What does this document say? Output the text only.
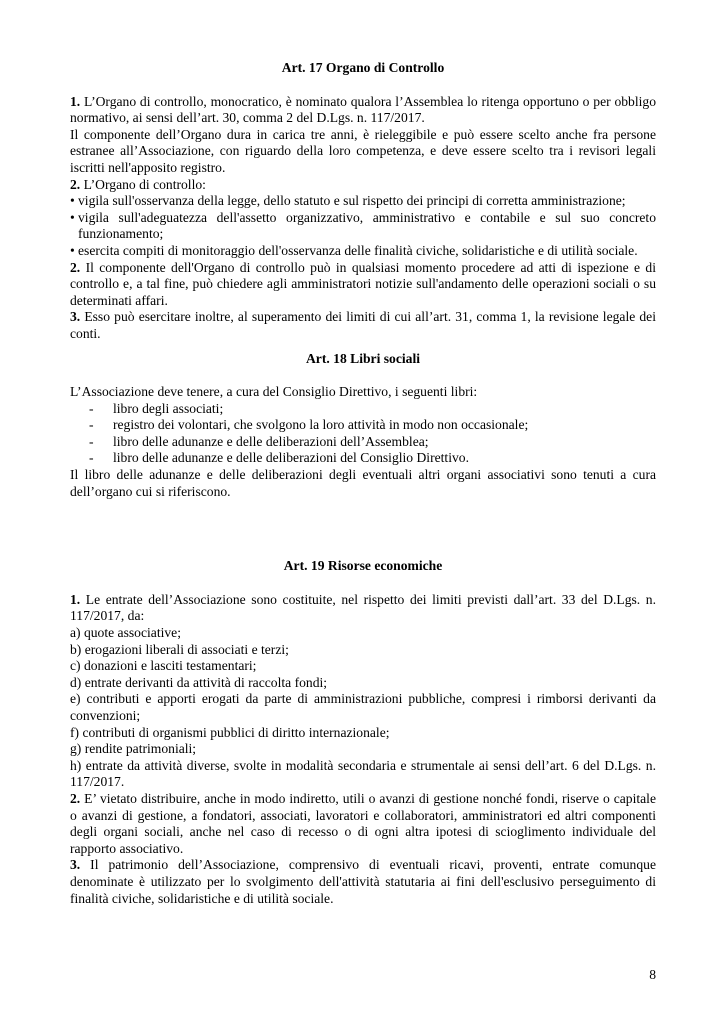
Art. 17 Organo di Controllo

1. L’Organo di controllo, monocratico, è nominato qualora l’Assemblea lo ritenga opportuno o per obbligo normativo, ai sensi dell’art. 30, comma 2 del D.Lgs. n. 117/2017.

Il componente dell’Organo dura in carica tre anni, è rieleggibile e può essere scelto anche fra persone estranee all’Associazione, con riguardo della loro competenza, e deve essere scelto tra i revisori legali iscritti nell'apposito registro.

2. L’Organo di controllo:

• vigila sull'osservanza della legge, dello statuto e sul rispetto dei principi di corretta amministrazione;
• vigila sull'adeguatezza dell'assetto organizzativo, amministrativo e contabile e sul suo concreto funzionamento;
• esercita compiti di monitoraggio dell'osservanza delle finalità civiche, solidaristiche e di utilità sociale.

2. Il componente dell'Organo di controllo può in qualsiasi momento procedere ad atti di ispezione e di controllo e, a tal fine, può chiedere agli amministratori notizie sull'andamento delle operazioni sociali o su determinati affari.

3. Esso può esercitare inoltre, al superamento dei limiti di cui all’art. 31, comma 1, la revisione legale dei conti.

Art. 18 Libri sociali

L’Associazione deve tenere, a cura del Consiglio Direttivo, i seguenti libri:

- libro degli associati;
- registro dei volontari, che svolgono la loro attività in modo non occasionale;
- libro delle adunanze e delle deliberazioni dell’Assemblea;
- libro delle adunanze e delle deliberazioni del Consiglio Direttivo.

Il libro delle adunanze e delle deliberazioni degli eventuali altri organi associativi sono tenuti a cura dell’organo cui si riferiscono.

Art. 19 Risorse economiche

1. Le entrate dell’Associazione sono costituite, nel rispetto dei limiti previsti dall’art. 33 del D.Lgs. n. 117/2017, da:

a) quote associative;

b) erogazioni liberali di associati e terzi;

c) donazioni e lasciti testamentari;

d) entrate derivanti da attività di raccolta fondi;

e) contributi e apporti erogati da parte di amministrazioni pubbliche, compresi i rimborsi derivanti da convenzioni;

f) contributi di organismi pubblici di diritto internazionale;

g) rendite patrimoniali;

h) entrate da attività diverse, svolte in modalità secondaria e strumentale ai sensi dell’art. 6 del D.Lgs. n. 117/2017.

2. E’ vietato distribuire, anche in modo indiretto, utili o avanzi di gestione nonché fondi, riserve o capitale o avanzi di gestione, a fondatori, associati, lavoratori e collaboratori, amministratori ed altri componenti degli organi sociali, anche nel caso di recesso o di ogni altra ipotesi di scioglimento individuale del rapporto associativo.

3. Il patrimonio dell’Associazione, comprensivo di eventuali ricavi, proventi, entrate comunque denominate è utilizzato per lo svolgimento dell'attività statutaria ai fini dell'esclusivo perseguimento di finalità civiche, solidaristiche e di utilità sociale.

8
